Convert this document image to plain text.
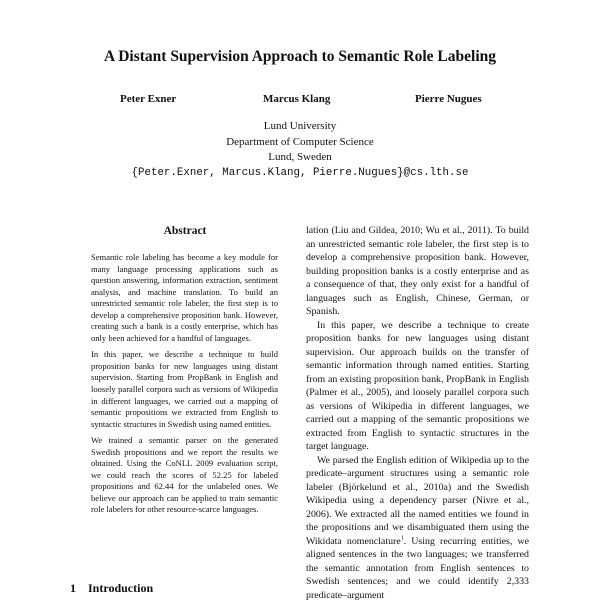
A Distant Supervision Approach to Semantic Role Labeling
Peter Exner	Marcus Klang	Pierre Nugues
Lund University
Department of Computer Science
Lund, Sweden
{Peter.Exner, Marcus.Klang, Pierre.Nugues}@cs.lth.se
Abstract

Semantic role labeling has become a key module for many language processing applications such as question answering, information extraction, sentiment analysis, and machine translation. To build an unrestricted semantic role labeler, the first step is to develop a comprehensive proposition bank. However, creating such a bank is a costly enterprise, which has only been achieved for a handful of languages.

In this paper, we describe a technique to build proposition banks for new languages using distant supervision. Starting from PropBank in English and loosely parallel corpora such as versions of Wikipedia in different languages, we carried out a mapping of semantic propositions we extracted from English to syntactic structures in Swedish using named entities.

We trained a semantic parser on the generated Swedish propositions and we report the results we obtained. Using the CoNLL 2009 evaluation script, we could reach the scores of 52.25 for labeled propositions and 62.44 for the unlabeled ones. We believe our approach can be applied to train semantic role labelers for other resource-scarce languages.

1 Introduction

lation (Liu and Gildea, 2010; Wu et al., 2011). To build an unrestricted semantic role labeler, the first step is to develop a comprehensive proposition bank. However, building proposition banks is a costly enterprise and as a consequence of that, they only exist for a handful of languages such as English, Chinese, German, or Spanish.

In this paper, we describe a technique to create proposition banks for new languages using distant supervision. Our approach builds on the transfer of semantic information through named entities. Starting from an existing proposition bank, PropBank in English (Palmer et al., 2005), and loosely parallel corpora such as versions of Wikipedia in different languages, we carried out a mapping of the semantic propositions we extracted from English to syntactic structures in the target language.

We parsed the English edition of Wikipedia up to the predicate–argument structures using a semantic role labeler (Björkelund et al., 2010a) and the Swedish Wikipedia using a dependency parser (Nivre et al., 2006). We extracted all the named entities we found in the propositions and we disambiguated them using the Wikidata nomenclature$^1$. Using recurring entities, we aligned sentences in the two languages; we transferred the semantic annotation from English sentences to Swedish sentences; and we could identify 2,333 predicate–argument
